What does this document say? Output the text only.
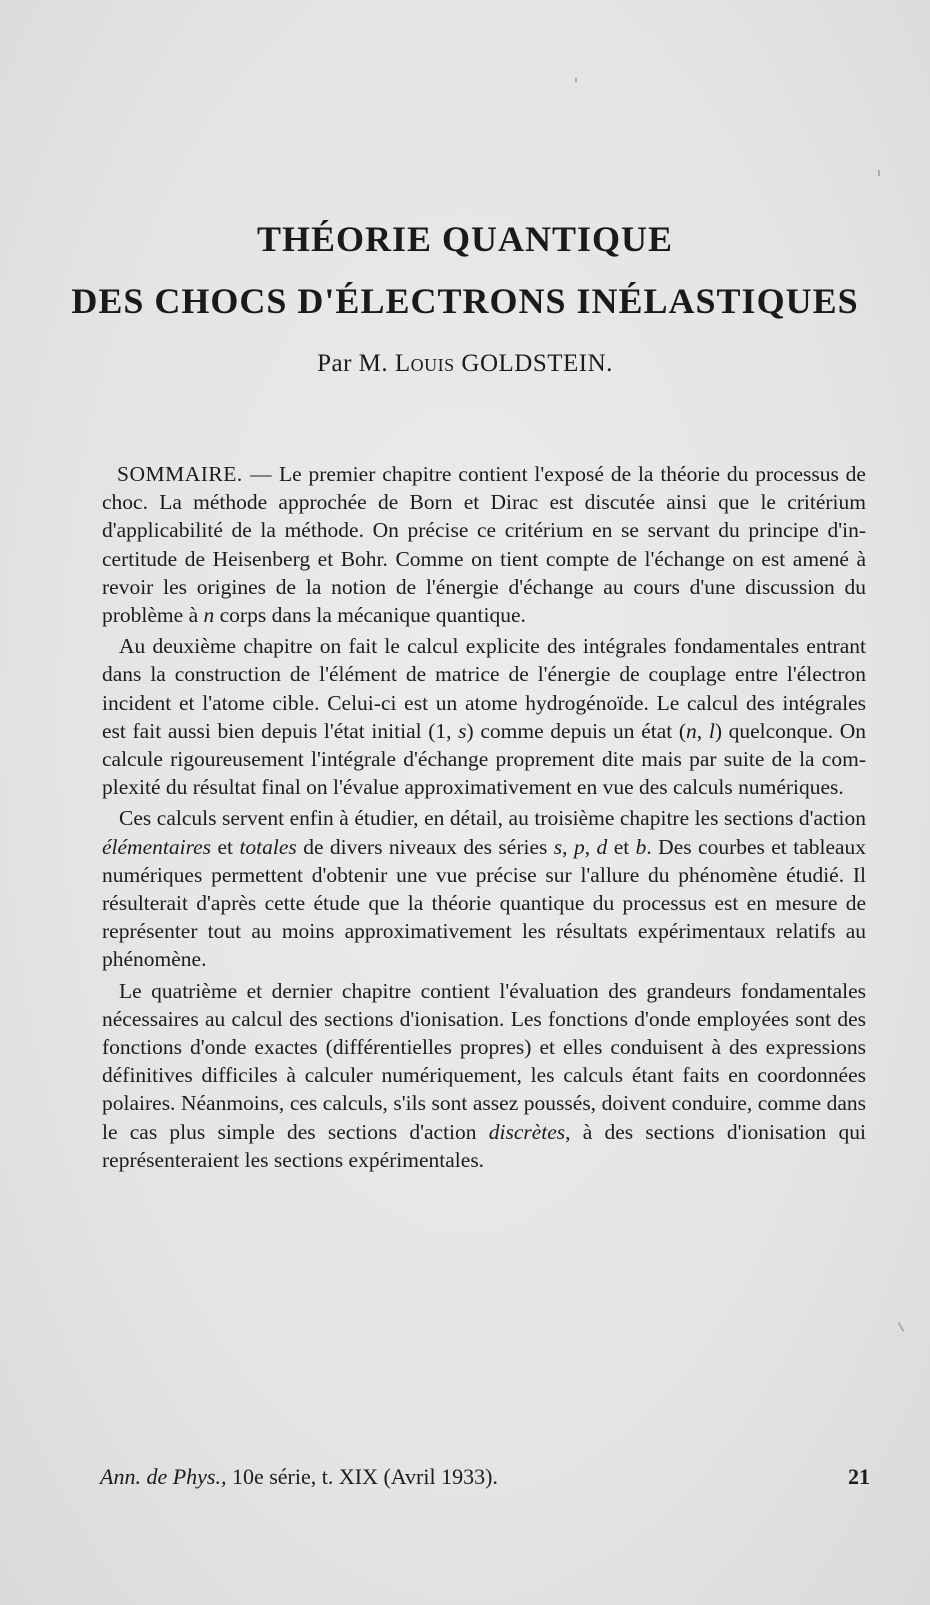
THÉORIE QUANTIQUE
DES CHOCS D'ÉLECTRONS INÉLASTIQUES
Par M. Louis GOLDSTEIN.

SOMMAIRE. — Le premier chapitre contient l'exposé de la théorie du processus de choc. La méthode approchée de Born et Dirac est discutée ainsi que le critérium d'applicabilité de la méthode. On précise ce critérium en se servant du principe d'incertitude de Heisenberg et Bohr. Comme on tient compte de l'échange on est amené à revoir les origines de la notion de l'énergie d'échange au cours d'une discussion du problème à n corps dans la mécanique quantique.

Au deuxième chapitre on fait le calcul explicite des intégrales fondamentales entrant dans la construction de l'élément de matrice de l'énergie de couplage entre l'électron incident et l'atome cible. Celui-ci est un atome hydrogénoïde. Le calcul des intégrales est fait aussi bien depuis l'état initial (1, s) comme depuis un état (n, l) quelconque. On calcule rigoureusement l'intégrale d'échange proprement dite mais par suite de la complexité du résultat final on l'évalue approximativement en vue des calculs numériques.

Ces calculs servent enfin à étudier, en détail, au troisième chapitre les sections d'action élémentaires et totales de divers niveaux des séries s, p, d et b. Des courbes et tableaux numériques permettent d'obtenir une vue précise sur l'allure du phénomène étudié. Il résulterait d'après cette étude que la théorie quantique du processus est en mesure de représenter tout au moins approximativement les résultats expérimentaux relatifs au phénomène.

Le quatrième et dernier chapitre contient l'évaluation des grandeurs fondamentales nécessaires au calcul des sections d'ionisation. Les fonctions d'onde employées sont des fonctions d'onde exactes (différentielles propres) et elles conduisent à des expressions définitives difficiles à calculer numériquement, les calculs étant faits en coordonnées polaires. Néanmoins, ces calculs, s'ils sont assez poussés, doivent conduire, comme dans le cas plus simple des sections d'action discrètes, à des sections d'ionisation qui représenteraient les sections expérimentales.

Ann. de Phys., 10e série, t. XIX (Avril 1933).	21
